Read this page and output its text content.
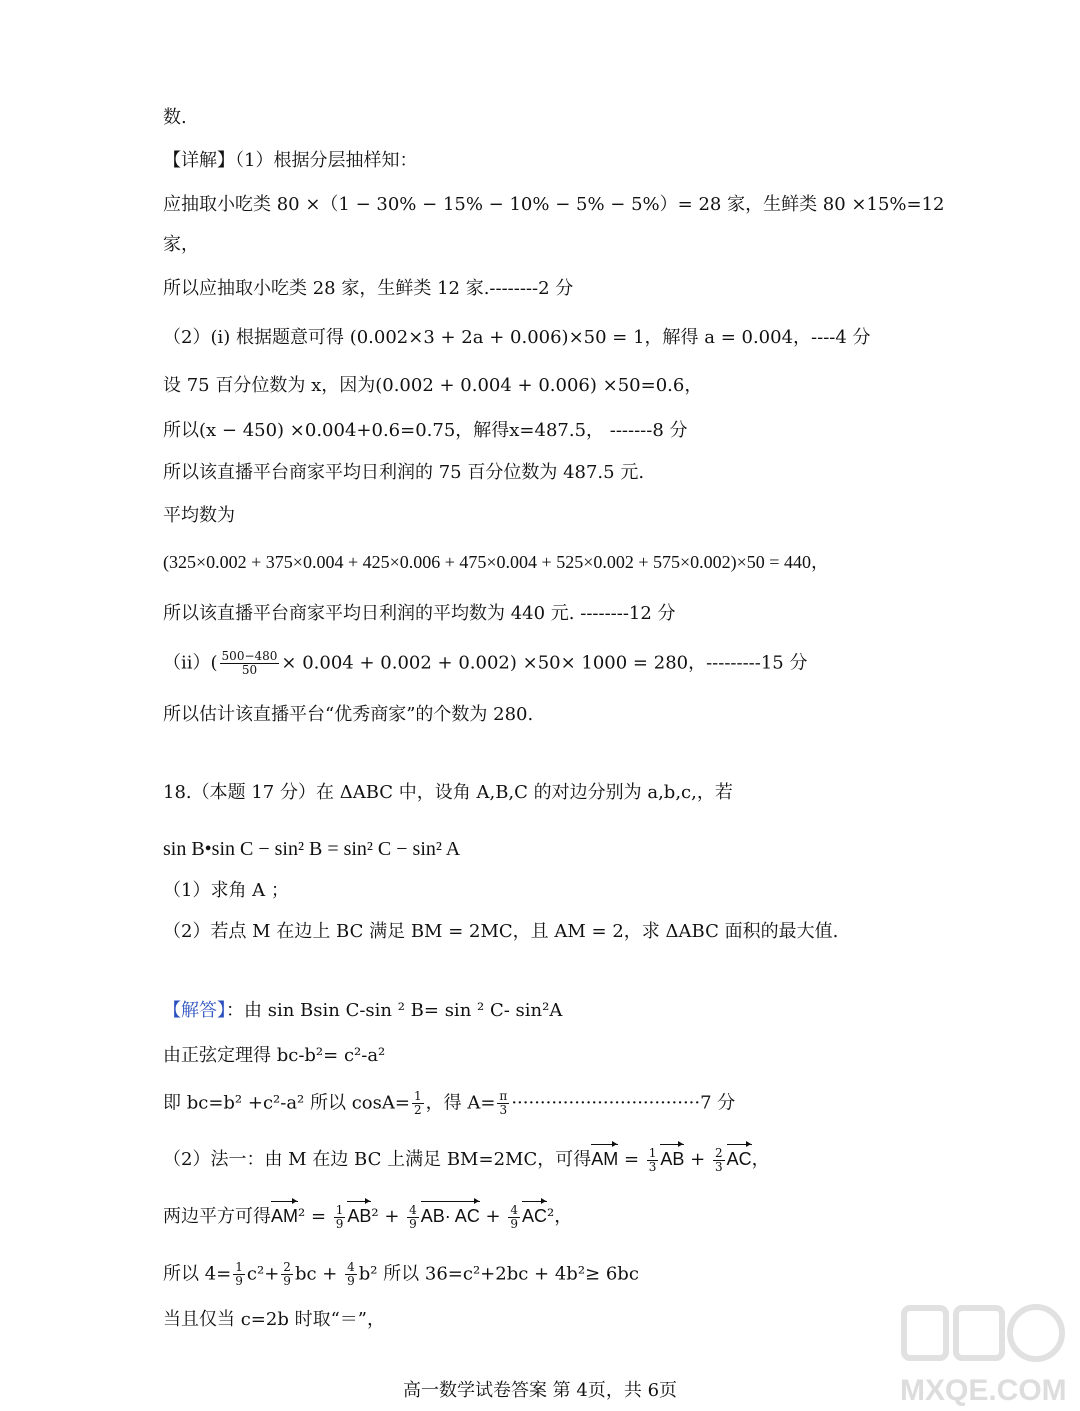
数.
【详解】（1）根据分层抽样知：
应抽取小吃类 80 ×（1 − 30% − 15% − 10% − 5% − 5%）= 28 家，生鲜类 80 ×15%=12
家，
所以应抽取小吃类 28 家，生鲜类 12 家.--------2 分
（2）(i) 根据题意可得 (0.002×3 + 2a + 0.006)×50 = 1，解得 a = 0.004，----4 分
设 75 百分位数为 x，因为(0.002 + 0.004 + 0.006) ×50=0.6，
所以(x − 450) ×0.004+0.6=0.75，解得x=487.5， -------8 分
所以该直播平台商家平均日利润的 75 百分位数为 487.5 元.
平均数为
(325×0.002 + 375×0.004 + 425×0.006 + 475×0.004 + 525×0.002 + 575×0.002)×50 = 440，
所以该直播平台商家平均日利润的平均数为 440 元. --------12 分
$(ii)( \frac{500-480}{50} \times 0.004 + 0.002 + 0.002) \times 50\times 1000 = 280$，---------15 分
所以估计该直播平台“优秀商家”的个数为 280.
18.（本题 17 分）在 ΔABC 中，设角 A,B,C 的对边分别为 a,b,c,，若
sin B•sin C − sin² B = sin² C − sin² A
（1）求角 A ；
（2）若点 M 在边上 BC 满足 BM = 2MC，且 AM = 2，求 ΔABC 面积的最大值.
【解答】：由 sin Bsin C-sin ² B= sin ² C- sin²A
由正弦定理得 bc-b²= c²-a²
即 bc=b² +c²-a² 所以 $\cos A= \frac{1}{2}$ ，得 $A= \frac{\pi}{3} \cdot\cdot\cdot\cdot\cdot\cdot\cdot\cdot\cdot\cdot\cdot\cdot\cdot\cdot\cdot\cdot\cdot\cdot\cdot\cdot\cdot\cdot\cdot\cdot\cdot\cdot\cdot\cdot\cdot\cdot\cdot\cdot\cdot 7$ 分
（2）法一：由 M 在边 BC 上满足 BM=2MC，可得AM = $\frac{1}{3}$ AB + $\frac{2}{3}$ AC，
两边平方可得$AM^2 = \frac{1}{9} AB^2 + \frac{4}{9} AB\cdot$ AC + $\frac{4}{9} AC^2$，
所以 $4= \frac{1}{9} c^2+ \frac{2}{9}$ bc + $\frac{4}{9} b^2$ 所以 36=c²+2bc + 4b²≥ 6bc
当且仅当 c=2b 时取“＝”，
高一数学试卷答案 第 4页，共 6页	MXQE.COM
